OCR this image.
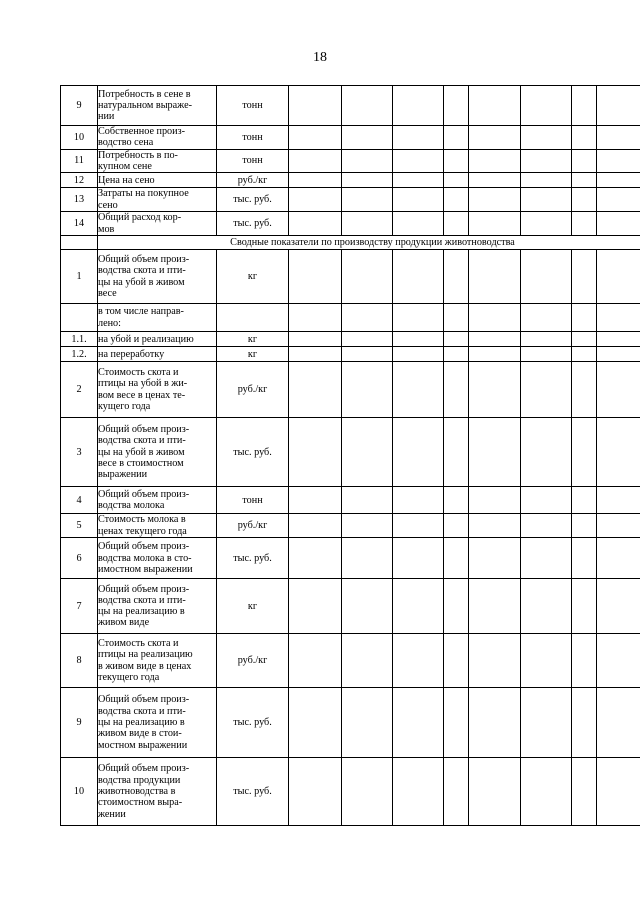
18
9	Потребность в сене в
натуральном выраже-
нии	тонн								
10	Собственное произ-
водство сена	тонн								
11	Потребность в по-
купном сене	тонн								
12	Цена на сено	руб./кг								
13	Затраты на покупное
сено	тыс. руб.								
14	Общий расход кор-
мов	тыс. руб.								
	Сводные показатели по производству продукции животноводства									
1	Общий объем произ-
водства скота и пти-
цы на убой в живом
весе	кг								

	в том числе направ-
лено:									

1.1.	на убой и реализацию	кг								
1.2.	на переработку	кг								
2	Стоимость скота и
птицы на убой в жи-
вом весе в ценах те-
кущего года	руб./кг								
3	Общий объем произ-
водства скота и пти-
цы на убой в живом
весе в стоимостном
выражении	тыс. руб.								
4	Общий объем произ-
водства молока	тонн								
5	Стоимость молока в
ценах текущего года	руб./кг								
6	Общий объем произ-
водства молока в сто-
имостном выражении	тыс. руб.								
7	Общий объем произ-
водства скота и пти-
цы на реализацию в
живом виде	кг								
8	Стоимость скота и
птицы на реализацию
в живом виде в ценах
текущего года	руб./кг								
9	Общий объем произ-
водства скота и пти-
цы на реализацию в
живом виде в стои-
мостном выражении	тыс. руб.								
10	Общий объем произ-
водства продукции
животноводства в
стоимостном выра-
жении	тыс. руб.								
